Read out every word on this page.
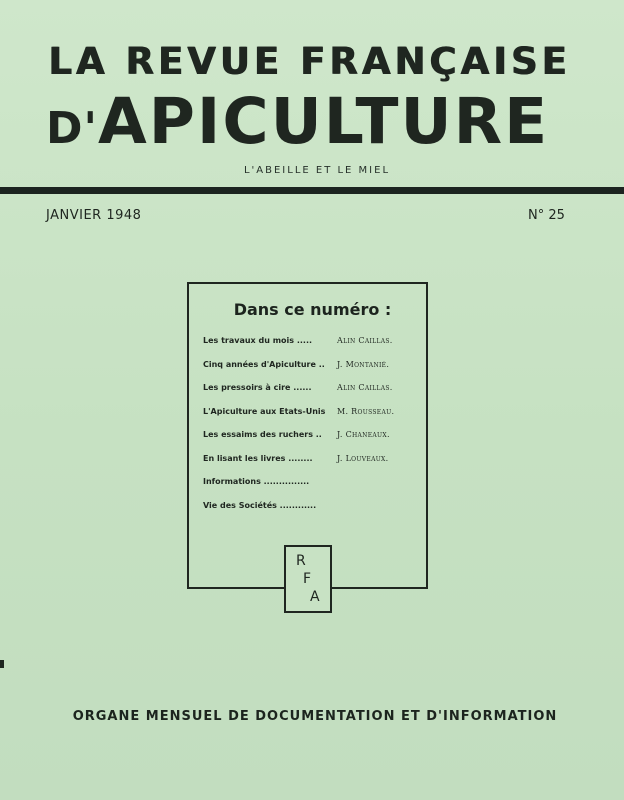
LA REVUE FRANÇAISE
D'APICULTURE
L'ABEILLE ET LE MIEL
JANVIER 1948	N° 25
Dans ce numéro :
Les travaux du mois .....	Alin Caillas.
Cinq années d'Apiculture .. J. Montanié.
Les pressoirs à cire ......	Alin Caillas.
L'Apiculture aux Etats-Unis M. Rousseau.
Les essaims des ruchers .. J. Chaneaux.
En lisant les livres ........	J. Louveaux.
Informations ...............
Vie des Sociétés ............
R
F
A
ORGANE MENSUEL DE DOCUMENTATION ET D'INFORMATION
